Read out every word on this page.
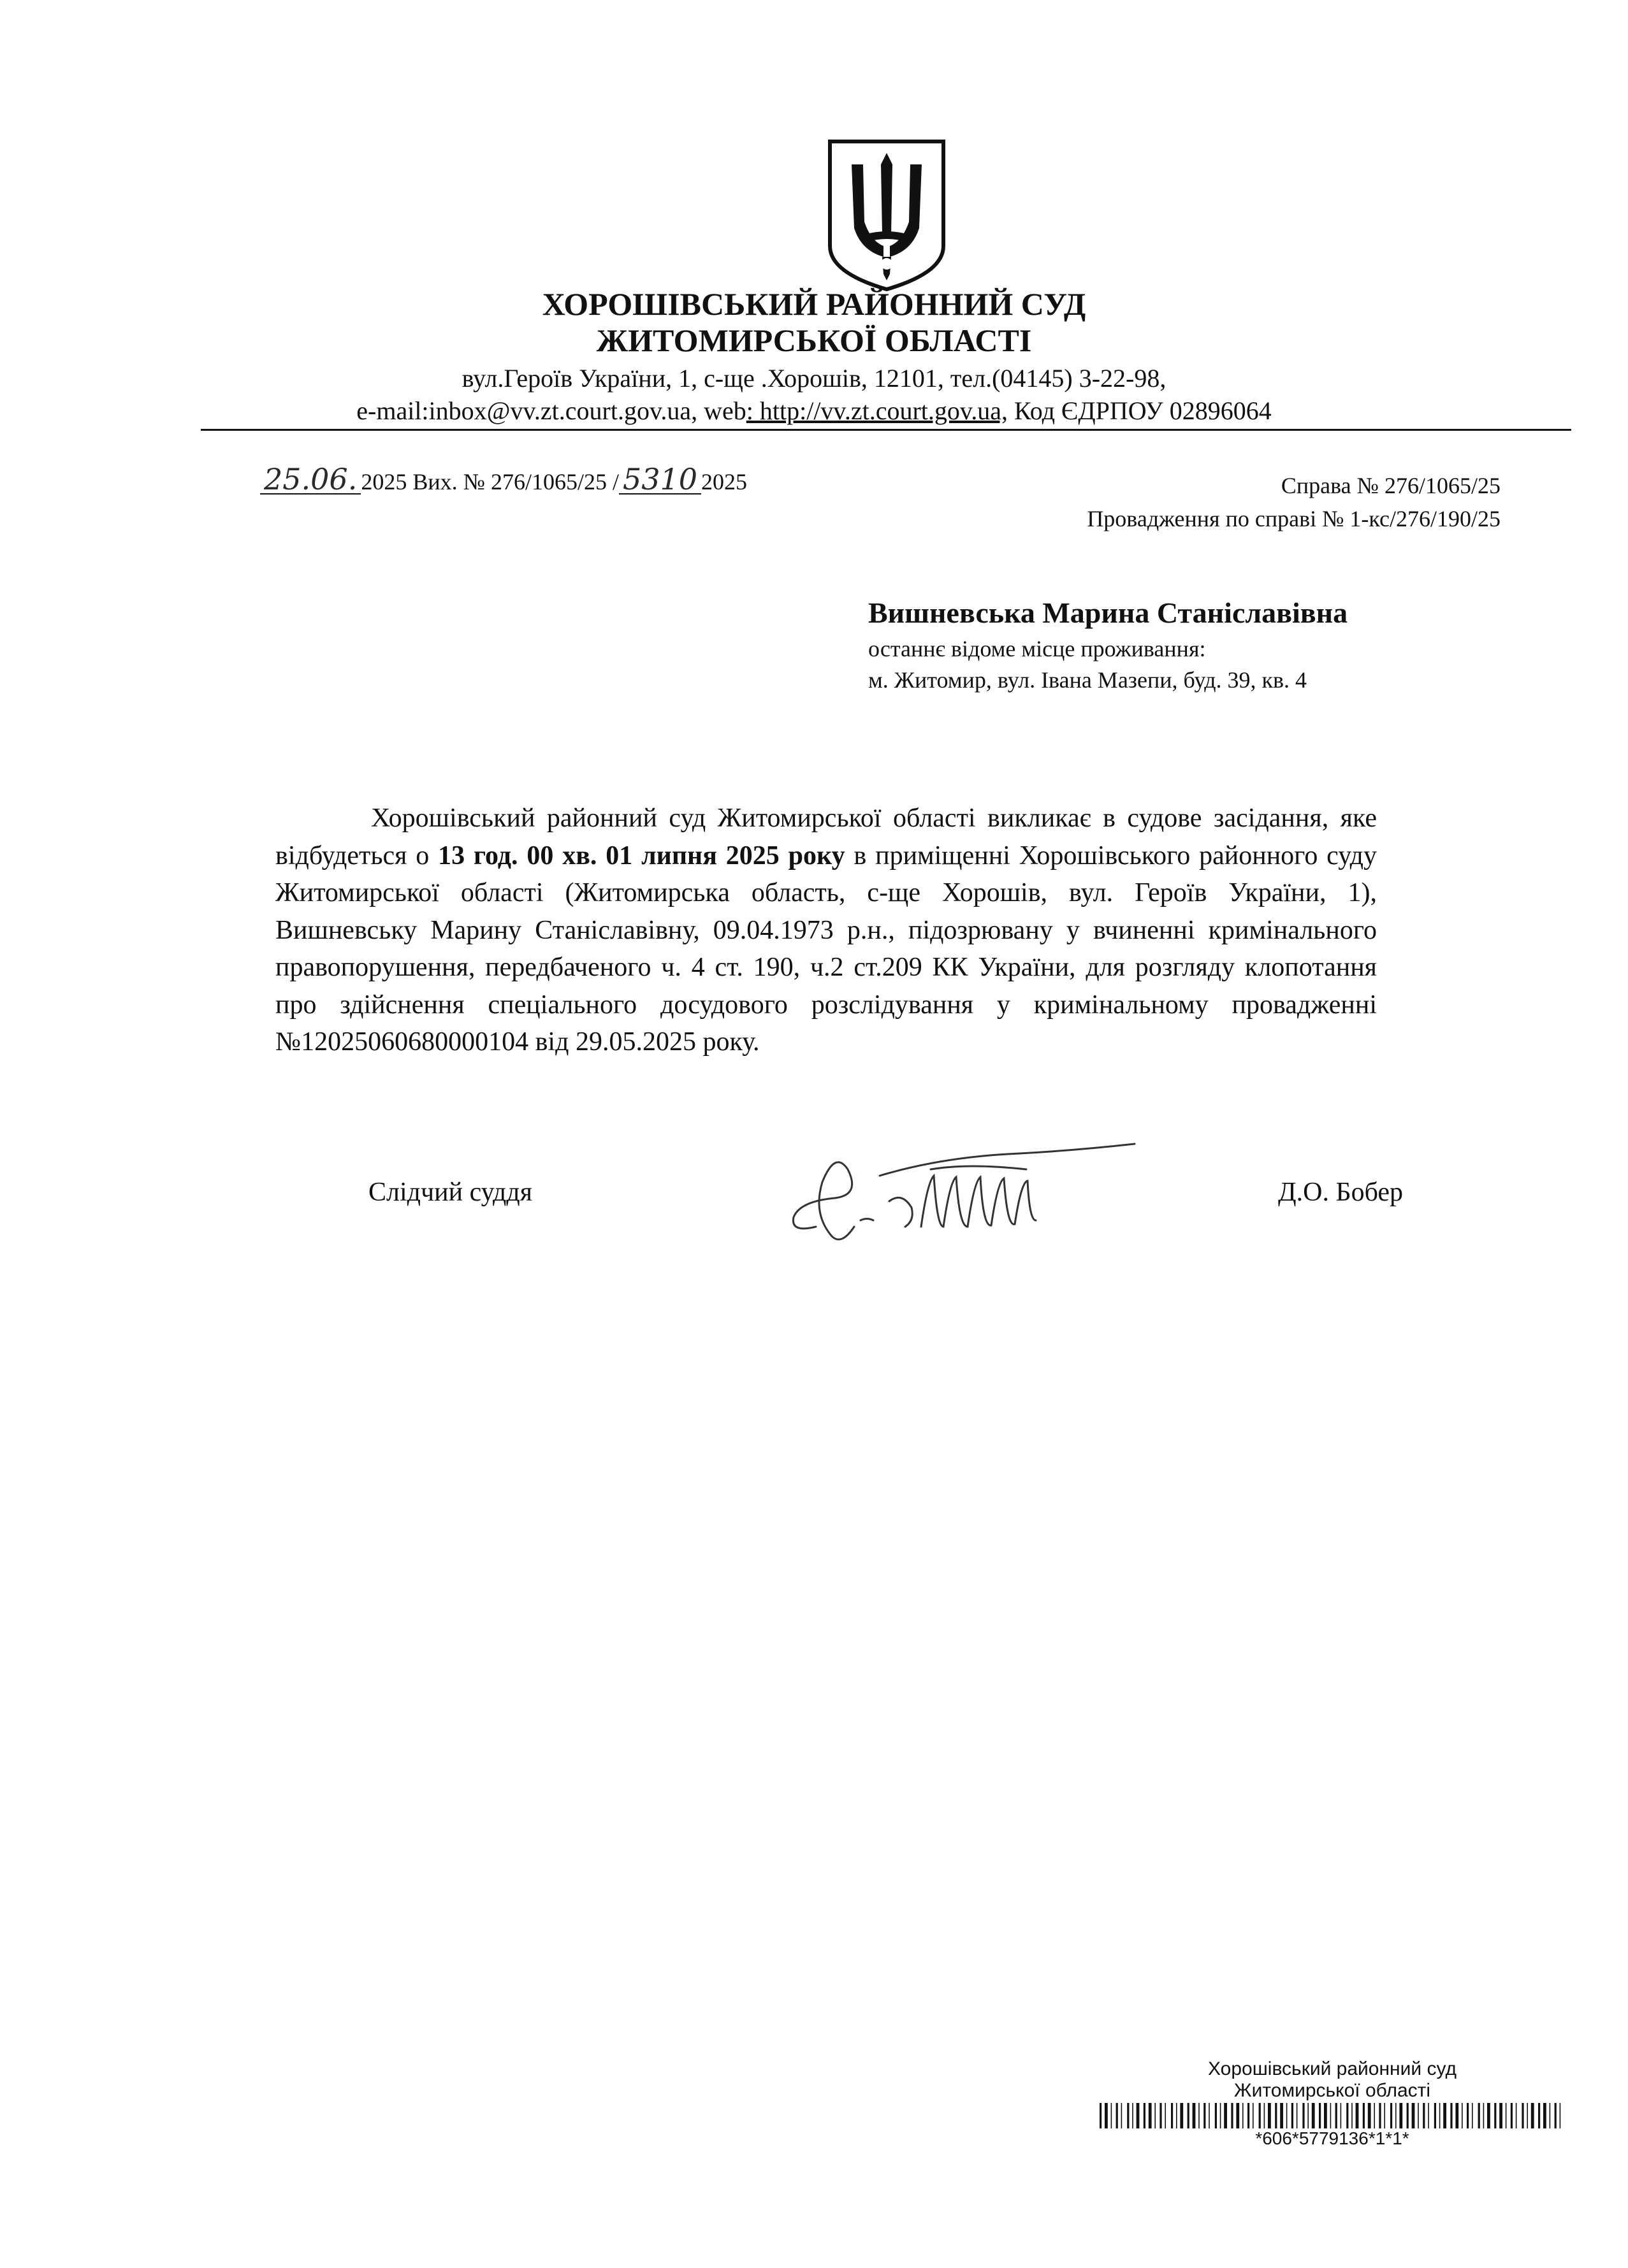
ХОРОШІВСЬКИЙ РАЙОННИЙ СУД
ЖИТОМИРСЬКОЇ ОБЛАСТІ
вул.Героїв України, 1, с-ще .Хорошів, 12101, тел.(04145) 3-22-98,
e-mail:inbox@vv.zt.court.gov.ua, web: http://vv.zt.court.gov.ua, Код ЄДРПОУ 02896064
25.06. 2025 Вих. № 276/1065/25 / 5310 2025	Справа № 276/1065/25
Провадження по справі № 1-кс/276/190/25
Вишневська Марина Станіславівна
останнє відоме місце проживання:
м. Житомир, вул. Івана Мазепи, буд. 39, кв. 4
Хорошівський районний суд Житомирської області викликає в судове засідання, яке відбудеться о 13 год. 00 хв. 01 липня 2025 року в приміщенні Хорошівського районного суду Житомирської області (Житомирська область, с-ще Хорошів, вул. Героїв України, 1), Вишневську Марину Станіславівну, 09.04.1973 р.н., підозрювану у вчиненні кримінального правопорушення, передбаченого ч. 4 ст. 190, ч.2 ст.209 КК України, для розгляду клопотання про здійснення спеціального досудового розслідування у кримінальному провадженні №12025060680000104 від 29.05.2025 року.
Слідчий суддя	Д.О. Бобер
Хорошівський районний суд
Житомирської області
*606*5779136*1*1*
